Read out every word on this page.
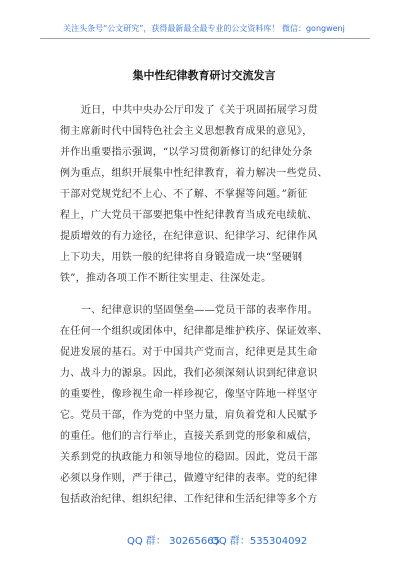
关注头条号“公文研究”，获得最新最全最专业的公文资料库！ 微信：gongwenj
集中性纪律教育研讨交流发言
近日，中共中央办公厅印发了《关于巩固拓展学习贯
彻主席新时代中国特色社会主义思想教育成果的意见》，
并作出重要指示强调，“以学习贯彻新修订的纪律处分条
例为重点，组织开展集中性纪律教育，着力解决一些党员、
干部对党规党纪不上心、不了解、不掌握等问题。”新征
程上，广大党员干部要把集中性纪律教育当成充电续航、
提质增效的有力途径，在纪律意识、纪律学习、纪律作风
上下功夫，用铁一般的纪律将自身锻造成一块“坚硬钢
铁”，推动各项工作不断往实里走、往深处走。
一、纪律意识的坚固堡垒——党员干部的表率作用。
在任何一个组织或团体中，纪律都是维护秩序、保证效率、
促进发展的基石。对于中国共产党而言，纪律更是其生命
力、战斗力的源泉。因此，我们必须深刻认识到纪律意识
的重要性，像珍视生命一样珍视它，像坚守阵地一样坚守
它。党员干部，作为党的中坚力量，肩负着党和人民赋予
的重任。他们的言行举止，直接关系到党的形象和威信，
关系到党的执政能力和领导地位的稳固。因此，党员干部
必须以身作则，严于律己，做遵守纪律的表率。党的纪律
包括政治纪律、组织纪律、工作纪律和生活纪律等多个方
QQ 群： 30265665
QQ 群：535304092
